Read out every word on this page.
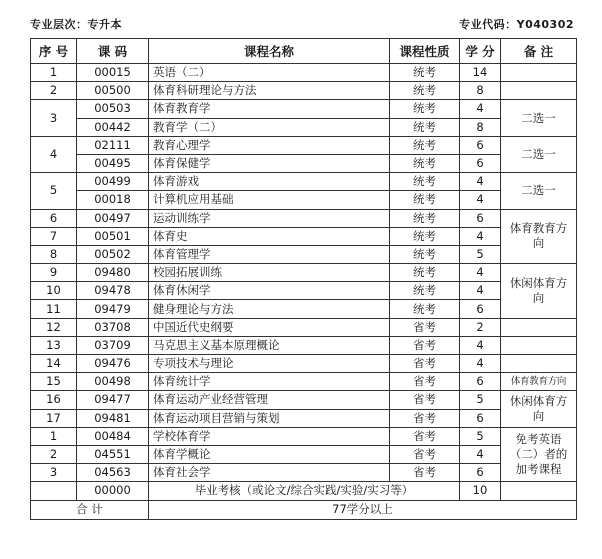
专业层次：专升本	专业代码：Y040302
序 号	课 码	课程名称	课程性质	学 分	备 注
1	00015	英语（二）	统考	14	
2	00500	体育科研理论与方法	统考	8	
3	00503	体育教育学	统考	4	二选一
	00442	教育学（二）	统考	8	
4	02111	教育心理学	统考	6	二选一
	00495	体育保健学	统考	6	
5	00499	体育游戏	统考	4	二选一
	00018	计算机应用基础	统考	4	
6	00497	运动训练学	统考	6	体育教育方向
7	00501	体育史	统考	4	
8	00502	体育管理学	统考	5	
9	09480	校园拓展训练	统考	4	休闲体育方向
10	09478	体育休闲学	统考	4	
11	09479	健身理论与方法	统考	6	
12	03708	中国近代史纲要	省考	2	
13	03709	马克思主义基本原理概论	省考	4	
14	09476	专项技术与理论	省考	4	
15	00498	体育统计学	省考	6	体育教育方向
16	09477	体育运动产业经营管理	省考	5	休闲体育方向
17	09481	体育运动项目营销与策划	省考	6	
1	00484	学校体育学	省考	5	免考英语（二）者的加考课程
2	04551	体育学概论	省考	4	
3	04563	体育社会学	省考	6	
	00000	毕业考核（或论文/综合实践/实验/实习等）		10	
合 计		77学分以上			
